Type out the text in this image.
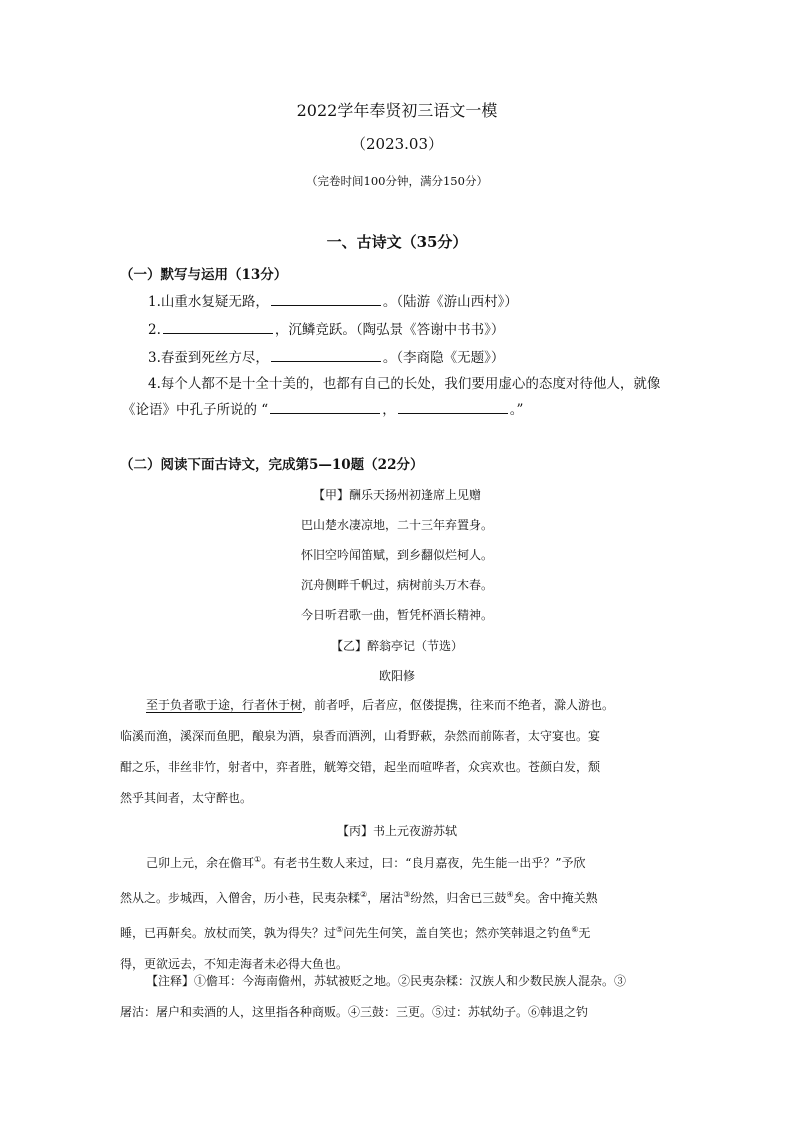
2022学年奉贤初三语文一模
（2023.03）
（完卷时间100分钟，满分150分）
一、古诗文（35分）
（一）默写与运用（13分）
1.山重水复疑无路，	。（陆游《游山西村》）
2.	，沉鳞竞跃。（陶弘景《答谢中书书》）
3.春蚕到死丝方尽，	。（李商隐《无题》）
4.每个人都不是十全十美的，也都有自己的长处，我们要用虚心的态度对待他人，就像
《论语》中孔子所说的 “	，	。”
（二）阅读下面古诗文，完成第5—10题（22分）
【甲】酬乐天扬州初逢席上见赠
巴山楚水凄凉地，二十三年弃置身。
怀旧空吟闻笛赋，到乡翻似烂柯人。
沉舟侧畔千帆过，病树前头万木春。
今日听君歌一曲，暂凭杯酒长精神。
【乙】醉翁亭记（节选）
欧阳修
至于负者歌于途，行者休于树，前者呼，后者应，伛偻提携，往来而不绝者，滁人游也。
临溪而渔，溪深而鱼肥，酿泉为酒，泉香而酒洌，山肴野蔌，杂然而前陈者，太守宴也。宴
酣之乐，非丝非竹，射者中，弈者胜，觥筹交错，起坐而喧哗者，众宾欢也。苍颜白发，颓
然乎其间者，太守醉也。
【丙】书上元夜游苏轼
己卯上元，余在儋耳①。有老书生数人来过，曰：“良月嘉夜，先生能一出乎？”予欣
然从之。步城西，入僧舍，历小巷，民夷杂糅②，屠沽③纷然，归舍已三鼓④矣。舍中掩关熟
睡，已再鼾矣。放杖而笑，孰为得失？过⑤问先生何笑，盖自笑也；然亦笑韩退之钓鱼⑥无
得，更欲远去，不知走海者未必得大鱼也。
【注释】①儋耳：今海南儋州，苏轼被贬之地。②民夷杂糅：汉族人和少数民族人混杂。③
屠沽：屠户和卖酒的人，这里指各种商贩。④三鼓：三更。⑤过：苏轼幼子。⑥韩退之钓
